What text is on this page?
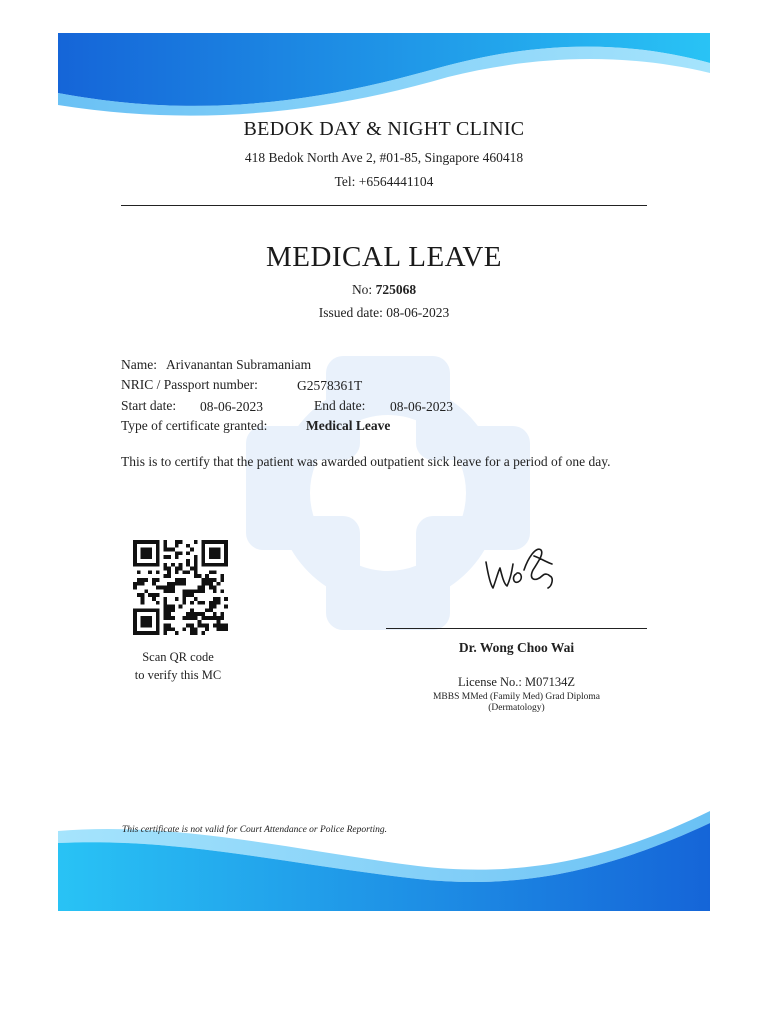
BEDOK DAY & NIGHT CLINIC
418 Bedok North Ave 2, #01-85, Singapore 460418
Tel: +6564441104
MEDICAL LEAVE
No: 725068
Issued date: 08-06-2023
Name: Arivanantan Subramaniam
NRIC / Passport number:	G2578361T
Start date: 08-06-2023	End date: 08-06-2023
Type of certificate granted:	Medical Leave
This is to certify that the patient was awarded outpatient sick leave for a period of one day.
Scan QR code
to verify this MC
Dr. Wong Choo Wai
License No.: M07134Z
MBBS MMed (Family Med) Grad Diploma
(Dermatology)
This certificate is not valid for Court Attendance or Police Reporting.
